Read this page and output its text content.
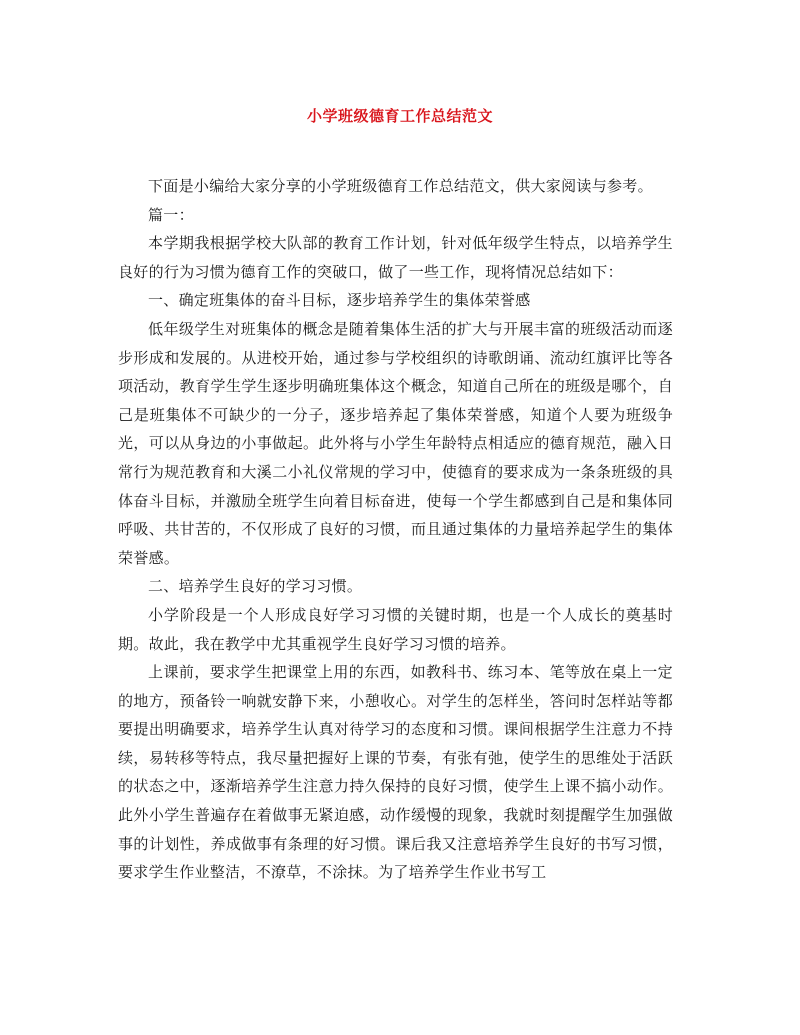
小学班级德育工作总结范文

下面是小编给大家分享的小学班级德育工作总结范文，供大家阅读与参考。

篇一：

本学期我根据学校大队部的教育工作计划，针对低年级学生特点，以培养学生良好的行为习惯为德育工作的突破口，做了一些工作，现将情况总结如下：

一、确定班集体的奋斗目标，逐步培养学生的集体荣誉感

低年级学生对班集体的概念是随着集体生活的扩大与开展丰富的班级活动而逐步形成和发展的。从进校开始，通过参与学校组织的诗歌朗诵、流动红旗评比等各项活动，教育学生学生逐步明确班集体这个概念，知道自己所在的班级是哪个，自己是班集体不可缺少的一分子，逐步培养起了集体荣誉感，知道个人要为班级争光，可以从身边的小事做起。此外将与小学生年龄特点相适应的德育规范，融入日常行为规范教育和大溪二小礼仪常规的学习中，使德育的要求成为一条条班级的具体奋斗目标，并激励全班学生向着目标奋进，使每一个学生都感到自己是和集体同呼吸、共甘苦的，不仅形成了良好的习惯，而且通过集体的力量培养起学生的集体荣誉感。

二、培养学生良好的学习习惯。

小学阶段是一个人形成良好学习习惯的关键时期，也是一个人成长的奠基时期。故此，我在教学中尤其重视学生良好学习习惯的培养。

上课前，要求学生把课堂上用的东西，如教科书、练习本、笔等放在桌上一定的地方，预备铃一响就安静下来，小憩收心。对学生的怎样坐，答问时怎样站等都要提出明确要求，培养学生认真对待学习的态度和习惯。课间根据学生注意力不持续，易转移等特点，我尽量把握好上课的节奏，有张有弛，使学生的思维处于活跃的状态之中，逐渐培养学生注意力持久保持的良好习惯，使学生上课不搞小动作。此外小学生普遍存在着做事无紧迫感，动作缓慢的现象，我就时刻提醒学生加强做事的计划性，养成做事有条理的好习惯。课后我又注意培养学生良好的书写习惯，要求学生作业整洁，不潦草，不涂抹。为了培养学生作业书写工
